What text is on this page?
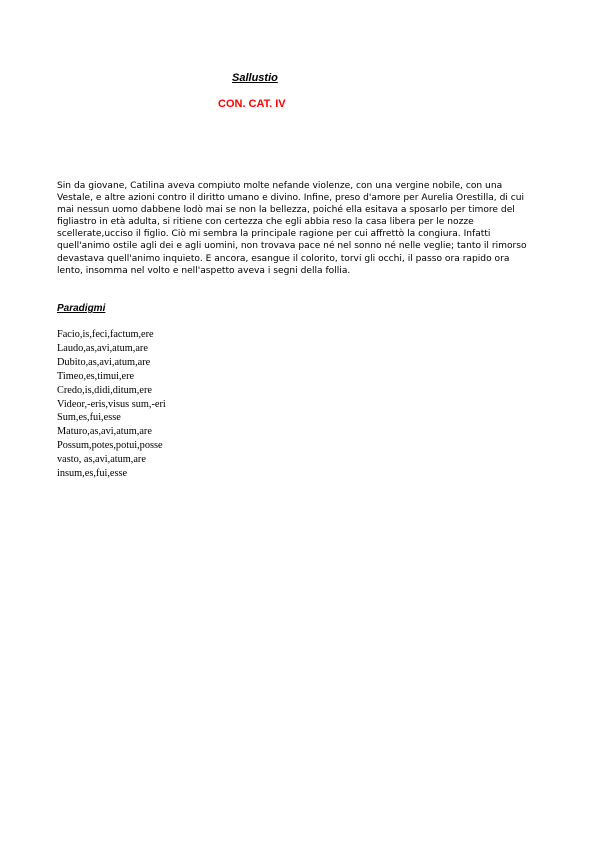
Sallustio
CON. CAT. IV

Sin da giovane, Catilina aveva compiuto molte nefande violenze, con una vergine nobile, con una Vestale, e altre azioni contro il diritto umano e divino. Infine, preso d'amore per Aurelia Orestilla, di cui mai nessun uomo dabbene lodò mai se non la bellezza, poiché ella esitava a sposarlo per timore del figliastro in età adulta, si ritiene con certezza che egli abbia reso la casa libera per le nozze scellerate,ucciso il figlio. Ciò mi sembra la principale ragione per cui affrettò la congiura. Infatti quell'animo ostile agli dei e agli uomini, non trovava pace né nel sonno né nelle veglie; tanto il rimorso devastava quell'animo inquieto. E ancora, esangue il colorito, torvi gli occhi, il passo ora rapido ora lento, insomma nel volto e nell'aspetto aveva i segni della follia.

Paradigmi
Facio,is,feci,factum,ere
Laudo,as,avi,atum,are
Dubito,as,avi,atum,are
Timeo,es,timui,ere
Credo,is,didi,ditum,ere
Videor,-eris,visus sum,-eri
Sum,es,fui,esse
Maturo,as,avi,atum,are
Possum,potes,potui,posse
vasto, as,avi,atum,are
insum,es,fui,esse
